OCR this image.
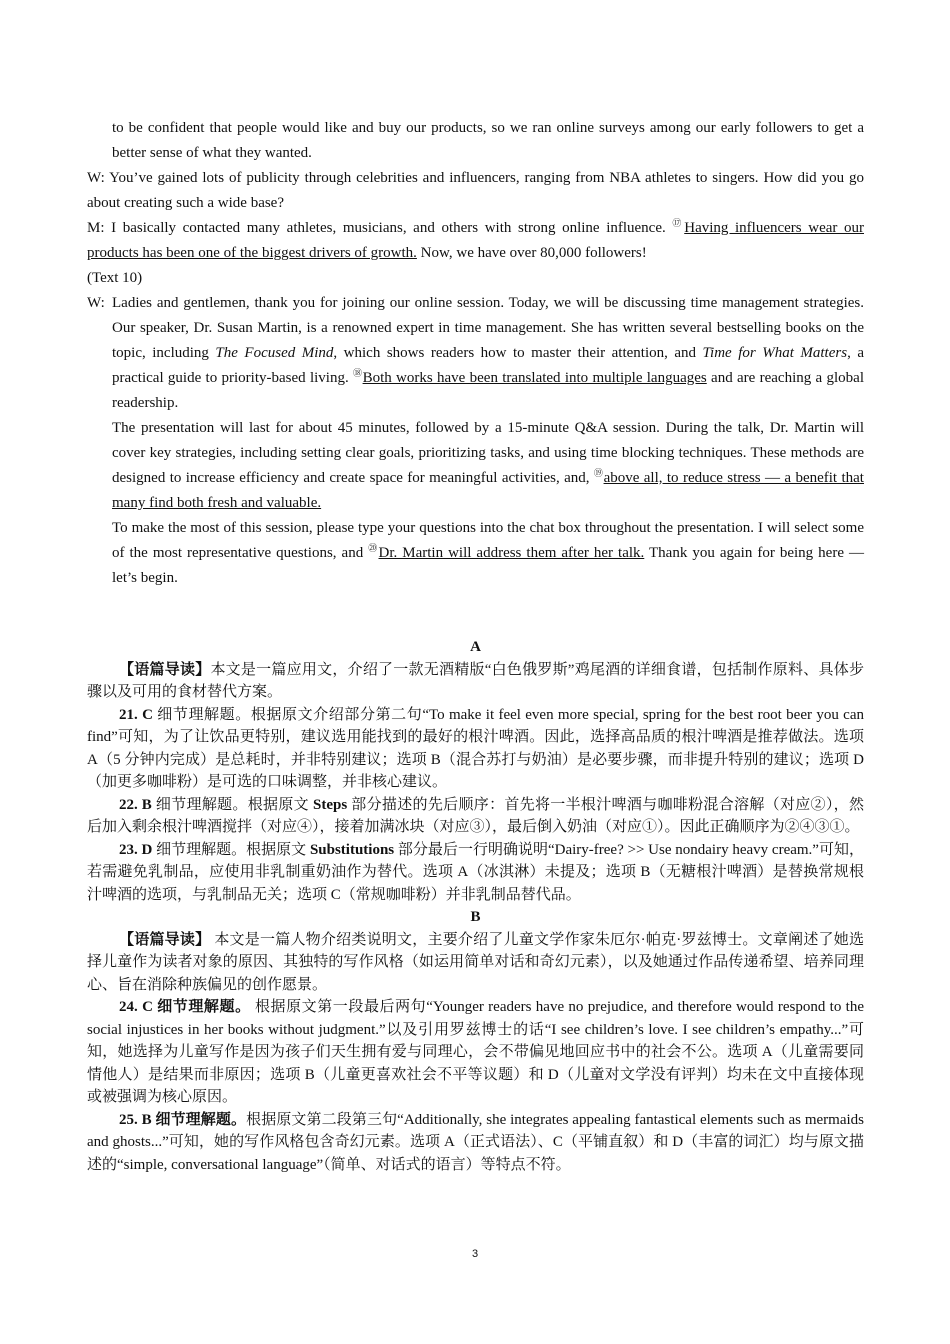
to be confident that people would like and buy our products, so we ran online surveys among our early followers to get a better sense of what they wanted.
W: You’ve gained lots of publicity through celebrities and influencers, ranging from NBA athletes to singers. How did you go about creating such a wide base?
M: I basically contacted many athletes, musicians, and others with strong online influence. ⑰Having influencers wear our products has been one of the biggest drivers of growth. Now, we have over 80,000 followers!
(Text 10)
W: Ladies and gentlemen, thank you for joining our online session. Today, we will be discussing time management strategies. Our speaker, Dr. Susan Martin, is a renowned expert in time management. She has written several bestselling books on the topic, including The Focused Mind, which shows readers how to master their attention, and Time for What Matters, a practical guide to priority-based living. ⑱Both works have been translated into multiple languages and are reaching a global readership.
The presentation will last for about 45 minutes, followed by a 15-minute Q&A session. During the talk, Dr. Martin will cover key strategies, including setting clear goals, prioritizing tasks, and using time blocking techniques. These methods are designed to increase efficiency and create space for meaningful activities, and, ⑲above all, to reduce stress — a benefit that many find both fresh and valuable.
To make the most of this session, please type your questions into the chat box throughout the presentation. I will select some of the most representative questions, and ⑳Dr. Martin will address them after her talk. Thank you again for being here — let’s begin.

A

【语篇导读】本文是一篇应用文，介绍了一款无酒精版“白色俄罗斯”鸡尾酒的详细食谱，包括制作原料、具体步骤以及可用的食材替代方案。

21. C 细节理解题。根据原文介绍部分第二句“To make it feel even more special, spring for the best root beer you can find”可知，为了让饮品更特别，建议选用能找到的最好的根汁啤酒。因此，选择高品质的根汁啤酒是推荐做法。选项 A（5 分钟内完成）是总耗时，并非特别建议；选项 B（混合苏打与奶油）是必要步骤，而非提升特别的建议；选项 D（加更多咖啡粉）是可选的口味调整，并非核心建议。

22. B 细节理解题。根据原文 Steps 部分描述的先后顺序：首先将一半根汁啤酒与咖啡粉混合溶解（对应②），然后加入剩余根汁啤酒搅拌（对应④），接着加满冰块（对应③），最后倒入奶油（对应①）。因此正确顺序为②④③①。

23. D 细节理解题。根据原文 Substitutions 部分最后一行明确说明“Dairy-free? >> Use nondairy heavy cream.”可知，若需避免乳制品，应使用非乳制重奶油作为替代。选项 A（冰淇淋）未提及；选项 B（无糖根汁啤酒）是替换常规根汁啤酒的选项，与乳制品无关；选项 C（常规咖啡粉）并非乳制品替代品。

B

【语篇导读】 本文是一篇人物介绍类说明文，主要介绍了儿童文学作家朱厄尔·帕克·罗兹博士。文章阐述了她选择儿童作为读者对象的原因、其独特的写作风格（如运用简单对话和奇幻元素），以及她通过作品传递希望、培养同理心、旨在消除种族偏见的创作愿景。

24. C 细节理解题。 根据原文第一段最后两句“Younger readers have no prejudice, and therefore would respond to the social injustices in her books without judgment.”以及引用罗兹博士的话“I see children’s love. I see children’s empathy...”可知，她选择为儿童写作是因为孩子们天生拥有爱与同理心，会不带偏见地回应书中的社会不公。选项 A（儿童需要同情他人）是结果而非原因；选项 B（儿童更喜欢社会不平等议题）和 D（儿童对文学没有评判）均未在文中直接体现或被强调为核心原因。

25. B 细节理解题。根据原文第二段第三句“Additionally, she integrates appealing fantastical elements such as mermaids and ghosts...”可知，她的写作风格包含奇幻元素。选项 A（正式语法）、C（平铺直叙）和 D（丰富的词汇）均与原文描述的“simple, conversational language”（简单、对话式的语言）等特点不符。

3
